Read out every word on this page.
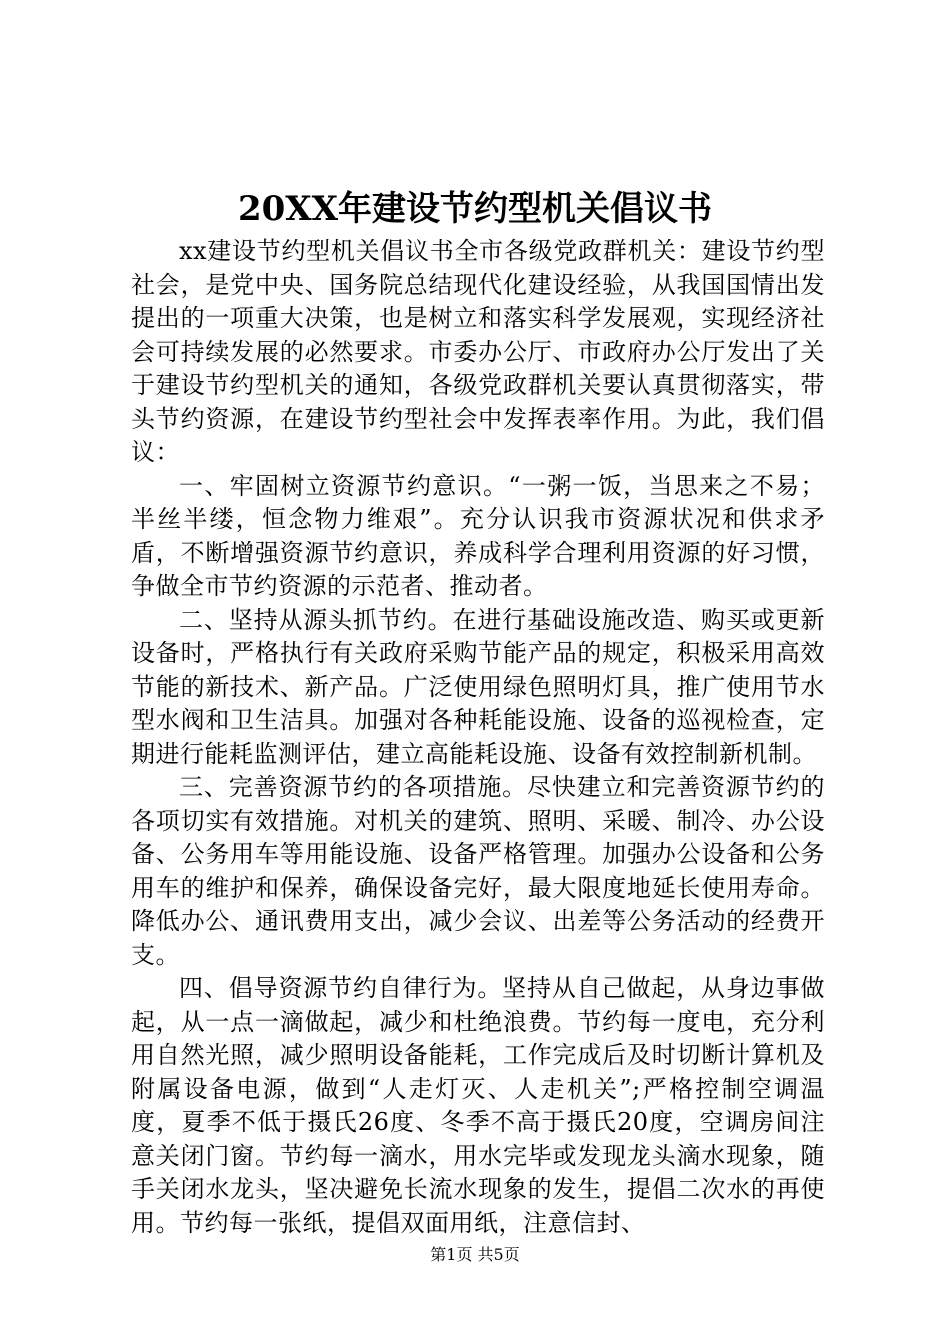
20XX年建设节约型机关倡议书

xx建设节约型机关倡议书全市各级党政群机关：建设节约型社会，是党中央、国务院总结现代化建设经验，从我国国情出发提出的一项重大决策，也是树立和落实科学发展观，实现经济社会可持续发展的必然要求。市委办公厅、市政府办公厅发出了关于建设节约型机关的通知，各级党政群机关要认真贯彻落实，带头节约资源，在建设节约型社会中发挥表率作用。为此，我们倡议：

一、牢固树立资源节约意识。“一粥一饭，当思来之不易；半丝半缕，恒念物力维艰”。充分认识我市资源状况和供求矛盾，不断增强资源节约意识，养成科学合理利用资源的好习惯，争做全市节约资源的示范者、推动者。

二、坚持从源头抓节约。在进行基础设施改造、购买或更新设备时，严格执行有关政府采购节能产品的规定，积极采用高效节能的新技术、新产品。广泛使用绿色照明灯具，推广使用节水型水阀和卫生洁具。加强对各种耗能设施、设备的巡视检查，定期进行能耗监测评估，建立高能耗设施、设备有效控制新机制。

三、完善资源节约的各项措施。尽快建立和完善资源节约的各项切实有效措施。对机关的建筑、照明、采暖、制冷、办公设备、公务用车等用能设施、设备严格管理。加强办公设备和公务用车的维护和保养，确保设备完好，最大限度地延长使用寿命。降低办公、通讯费用支出，减少会议、出差等公务活动的经费开支。

四、倡导资源节约自律行为。坚持从自己做起，从身边事做起，从一点一滴做起，减少和杜绝浪费。节约每一度电，充分利用自然光照，减少照明设备能耗，工作完成后及时切断计算机及附属设备电源，做到“人走灯灭、人走机关”;严格控制空调温度，夏季不低于摄氏26度、冬季不高于摄氏20度，空调房间注意关闭门窗。节约每一滴水，用水完毕或发现龙头滴水现象，随手关闭水龙头，坚决避免长流水现象的发生，提倡二次水的再使用。节约每一张纸，提倡双面用纸，注意信封、

第1页 共5页
